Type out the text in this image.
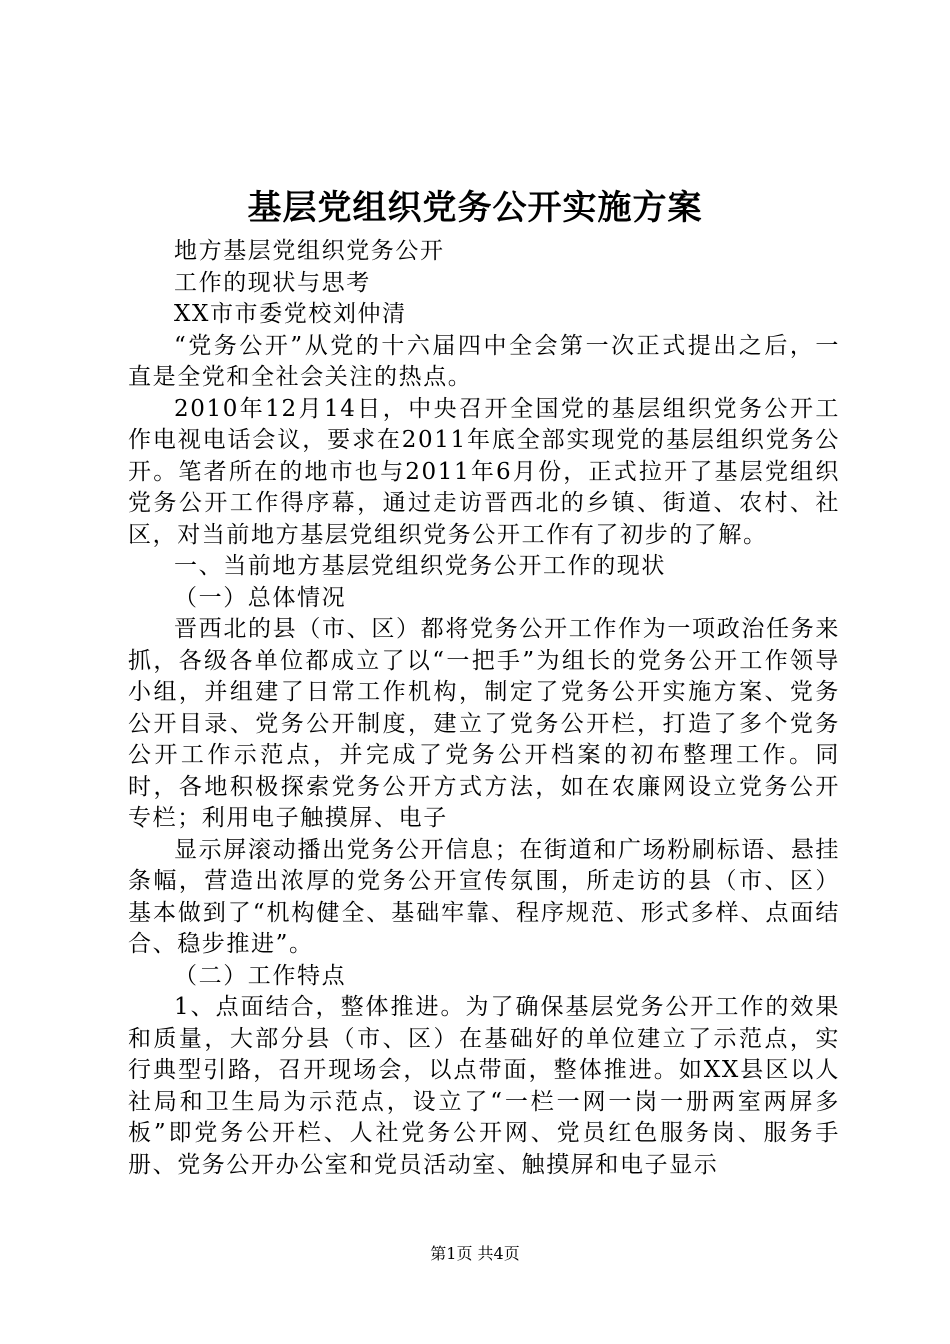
基层党组织党务公开实施方案

地方基层党组织党务公开

工作的现状与思考

XX市市委党校刘仲清

“党务公开”从党的十六届四中全会第一次正式提出之后，一直是全党和全社会关注的热点。

2010年12月14日，中央召开全国党的基层组织党务公开工作电视电话会议，要求在2011年底全部实现党的基层组织党务公开。笔者所在的地市也与2011年6月份，正式拉开了基层党组织党务公开工作得序幕，通过走访晋西北的乡镇、街道、农村、社区，对当前地方基层党组织党务公开工作有了初步的了解。

一、当前地方基层党组织党务公开工作的现状

（一）总体情况

晋西北的县（市、区）都将党务公开工作作为一项政治任务来抓，各级各单位都成立了以“一把手”为组长的党务公开工作领导小组，并组建了日常工作机构，制定了党务公开实施方案、党务公开目录、党务公开制度，建立了党务公开栏，打造了多个党务公开工作示范点，并完成了党务公开档案的初布整理工作。同时，各地积极探索党务公开方式方法，如在农廉网设立党务公开专栏；利用电子触摸屏、电子

显示屏滚动播出党务公开信息；在街道和广场粉刷标语、悬挂条幅，营造出浓厚的党务公开宣传氛围，所走访的县（市、区）基本做到了“机构健全、基础牢靠、程序规范、形式多样、点面结合、稳步推进”。

（二）工作特点

1、点面结合，整体推进。为了确保基层党务公开工作的效果和质量，大部分县（市、区）在基础好的单位建立了示范点，实行典型引路，召开现场会，以点带面，整体推进。如XX县区以人社局和卫生局为示范点，设立了“一栏一网一岗一册两室两屏多板”即党务公开栏、人社党务公开网、党员红色服务岗、服务手册、党务公开办公室和党员活动室、触摸屏和电子显示

第1页 共4页
